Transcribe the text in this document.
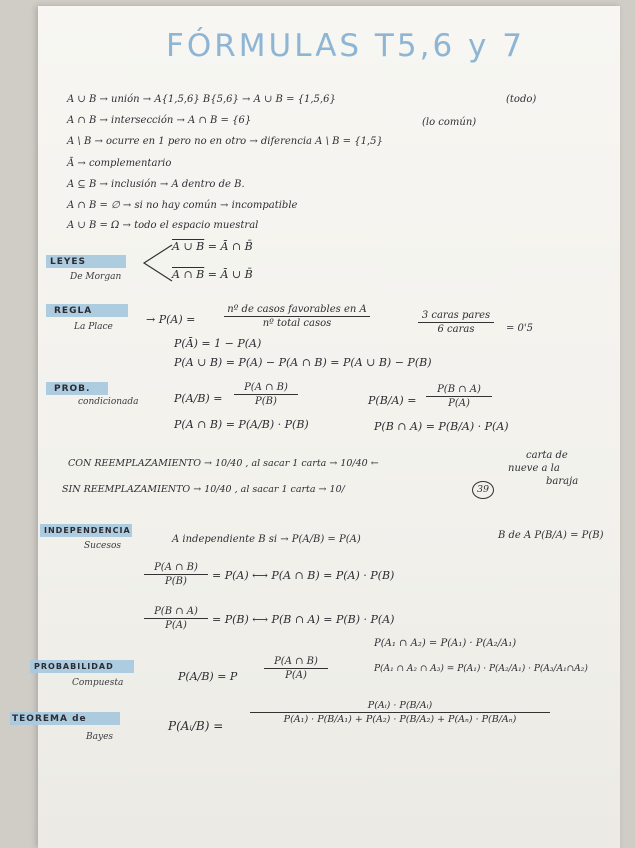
FÓRMULAS T5,6 y 7
A ∪ B → unión → A{1,5,6} B{5,6} → A ∪ B = {1,5,6}	(todo)
A ∩ B → intersección → A ∩ B = {6}	(lo común)
A \ B → ocurre en 1 pero no en otro → diferencia A \ B = {1,5}
Ā → complementario
A ⊆ B → inclusión → A dentro de B.
A ∩ B = ∅ → si no hay común → incompatible
A ∪ B = Ω → todo el espacio muestral
LEYES
De Morgan
A ∪ B = Ā ∩ B̄
A ∩ B = Ā ∪ B̄
REGLA
La Place
→ P(A) =
nº de casos favorables en A
nº total casos
3 caras pares
6 caras	= 0'5
P(Ā) = 1 − P(A)
P(A ∪ B) = P(A) − P(A ∩ B) = P(A ∪ B) − P(B)
PROB.
condicionada	P(A/B) =
P(A ∩ B)
P(B)	P(B/A) =
P(B ∩ A)
P(A)
P(A ∩ B) = P(A/B) · P(B)	P(B ∩ A) = P(B/A) · P(A)
CON REEMPLAZAMIENTO → 10/40 , al sacar 1 carta → 10/40 ←
SIN REEMPLAZAMIENTO → 10/40 , al sacar 1 carta → 10/	39
carta de
nueve a la
baraja
INDEPENDENCIA
Sucesos
A independiente B si → P(A/B) = P(A)	B de A P(B/A) = P(B)
P(A ∩ B)
P(B)	= P(A) ⟷ P(A ∩ B) = P(A) · P(B)
P(B ∩ A)
P(A)	= P(B) ⟷ P(B ∩ A) = P(B) · P(A)
PROBABILIDAD
Compuesta	P(A/B) = P
P(A ∩ B)
P(A)
P(A₁ ∩ A₂) = P(A₁) · P(A₂/A₁)
P(A₁ ∩ A₂ ∩ A₃) = P(A₁) · P(A₂/A₁) · P(A₃/A₁∩A₂)
TEOREMA de
Bayes
P(Aᵢ/B) =
P(Aᵢ) · P(B/Aᵢ)
P(A₁) · P(B/A₁) + P(A₂) · P(B/A₂) + P(Aₙ) · P(B/Aₙ)
